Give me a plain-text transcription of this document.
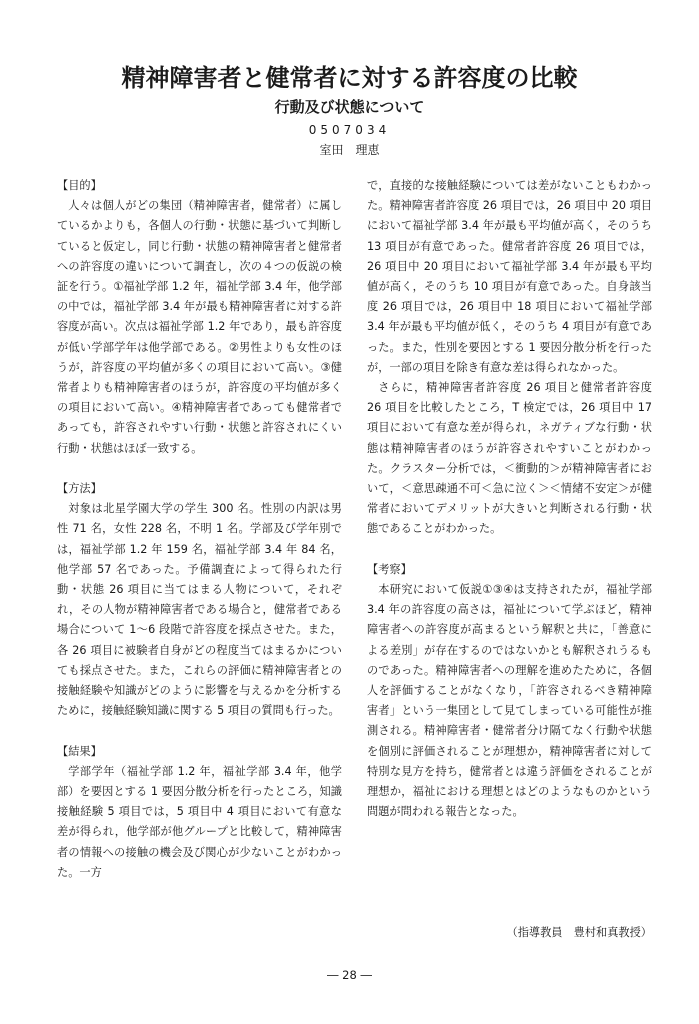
精神障害者と健常者に対する許容度の比較
行動及び状態について
0507034
室田　理恵

【目的】

人々は個人がどの集団（精神障害者，健常者）に属しているかよりも，各個人の行動・状態に基づいて判断していると仮定し，同じ行動・状態の精神障害者と健常者への許容度の違いについて調査し，次の４つの仮説の検証を行う。①福祉学部 1.2 年，福祉学部 3.4 年，他学部の中では，福祉学部 3.4 年が最も精神障害者に対する許容度が高い。次点は福祉学部 1.2 年であり，最も許容度が低い学部学年は他学部である。②男性よりも女性のほうが，許容度の平均値が多くの項目において高い。③健常者よりも精神障害者のほうが，許容度の平均値が多くの項目において高い。④精神障害者であっても健常者であっても，許容されやすい行動・状態と許容されにくい行動・状態はほぼ一致する。

【方法】

対象は北星学園大学の学生 300 名。性別の内訳は男性 71 名，女性 228 名，不明 1 名。学部及び学年別では，福祉学部 1.2 年 159 名，福祉学部 3.4 年 84 名，他学部 57 名であった。予備調査によって得られた行動・状態 26 項目に当てはまる人物について，それぞれ，その人物が精神障害者である場合と，健常者である場合について 1～6 段階で許容度を採点させた。また，各 26 項目に被験者自身がどの程度当てはまるかについても採点させた。また，これらの評価に精神障害者との接触経験や知識がどのように影響を与えるかを分析するために，接触経験知識に関する 5 項目の質問も行った。

【結果】

学部学年（福祉学部 1.2 年，福祉学部 3.4 年，他学部）を要因とする 1 要因分散分析を行ったところ，知識接触経験 5 項目では，5 項目中 4 項目において有意な差が得られ，他学部が他グループと比較して，精神障害者の情報への接触の機会及び関心が少ないことがわかった。一方

で，直接的な接触経験については差がないこともわかった。精神障害者許容度 26 項目では，26 項目中 20 項目において福祉学部 3.4 年が最も平均値が高く，そのうち 13 項目が有意であった。健常者許容度 26 項目では，26 項目中 20 項目において福祉学部 3.4 年が最も平均値が高く，そのうち 10 項目が有意であった。自身該当度 26 項目では，26 項目中 18 項目において福祉学部 3.4 年が最も平均値が低く，そのうち 4 項目が有意であった。また，性別を要因とする 1 要因分散分析を行ったが，一部の項目を除き有意な差は得られなかった。

さらに，精神障害者許容度 26 項目と健常者許容度 26 項目を比較したところ，T 検定では，26 項目中 17 項目において有意な差が得られ，ネガティブな行動・状態は精神障害者のほうが許容されやすいことがわかった。クラスター分析では，＜衝動的＞が精神障害者において，＜意思疎通不可＜急に泣く＞＜情緒不安定＞が健常者においてデメリットが大きいと判断される行動・状態であることがわかった。

【考察】

本研究において仮説①③④は支持されたが，福祉学部 3.4 年の許容度の高さは，福祉について学ぶほど，精神障害者への許容度が高まるという解釈と共に，「善意による差別」が存在するのではないかとも解釈されうるものであった。精神障害者への理解を進めたために，各個人を評価することがなくなり，「許容されるべき精神障害者」という一集団として見てしまっている可能性が推測される。精神障害者・健常者分け隔てなく行動や状態を個別に評価されることが理想か，精神障害者に対して特別な見方を持ち，健常者とは違う評価をされることが理想か，福祉における理想とはどのようなものかという問題が問われる報告となった。

（指導教員　豊村和真教授）
― 28 ―
